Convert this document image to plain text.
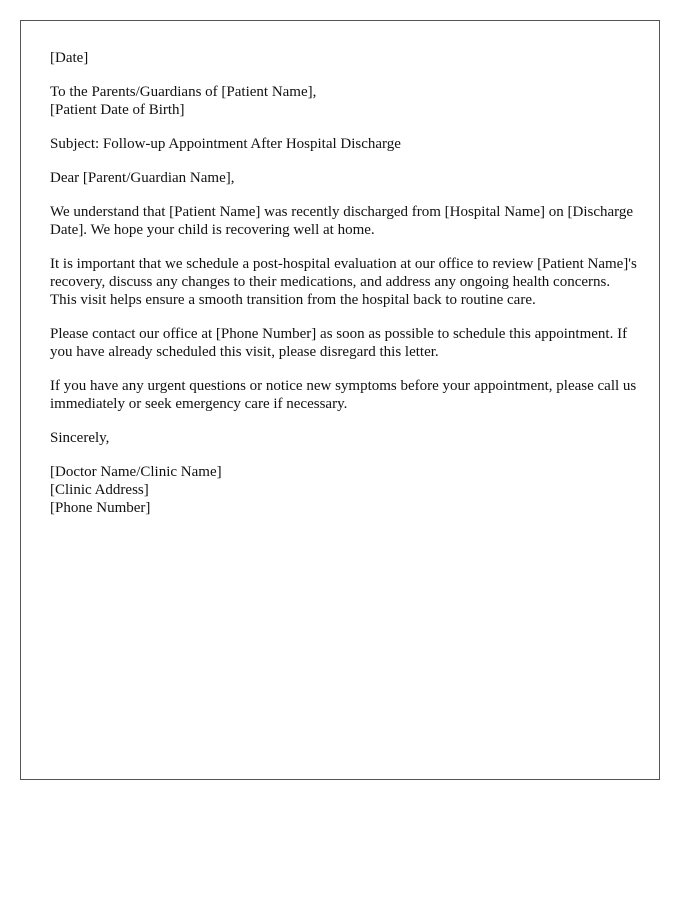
[Date]

To the Parents/Guardians of [Patient Name],
[Patient Date of Birth]

Subject: Follow-up Appointment After Hospital Discharge

Dear [Parent/Guardian Name],

We understand that [Patient Name] was recently discharged from [Hospital Name] on [Discharge Date]. We hope your child is recovering well at home.

It is important that we schedule a post-hospital evaluation at our office to review [Patient Name]'s recovery, discuss any changes to their medications, and address any ongoing health concerns. This visit helps ensure a smooth transition from the hospital back to routine care.

Please contact our office at [Phone Number] as soon as possible to schedule this appointment. If you have already scheduled this visit, please disregard this letter.

If you have any urgent questions or notice new symptoms before your appointment, please call us immediately or seek emergency care if necessary.

Sincerely,

[Doctor Name/Clinic Name]
[Clinic Address]
[Phone Number]
